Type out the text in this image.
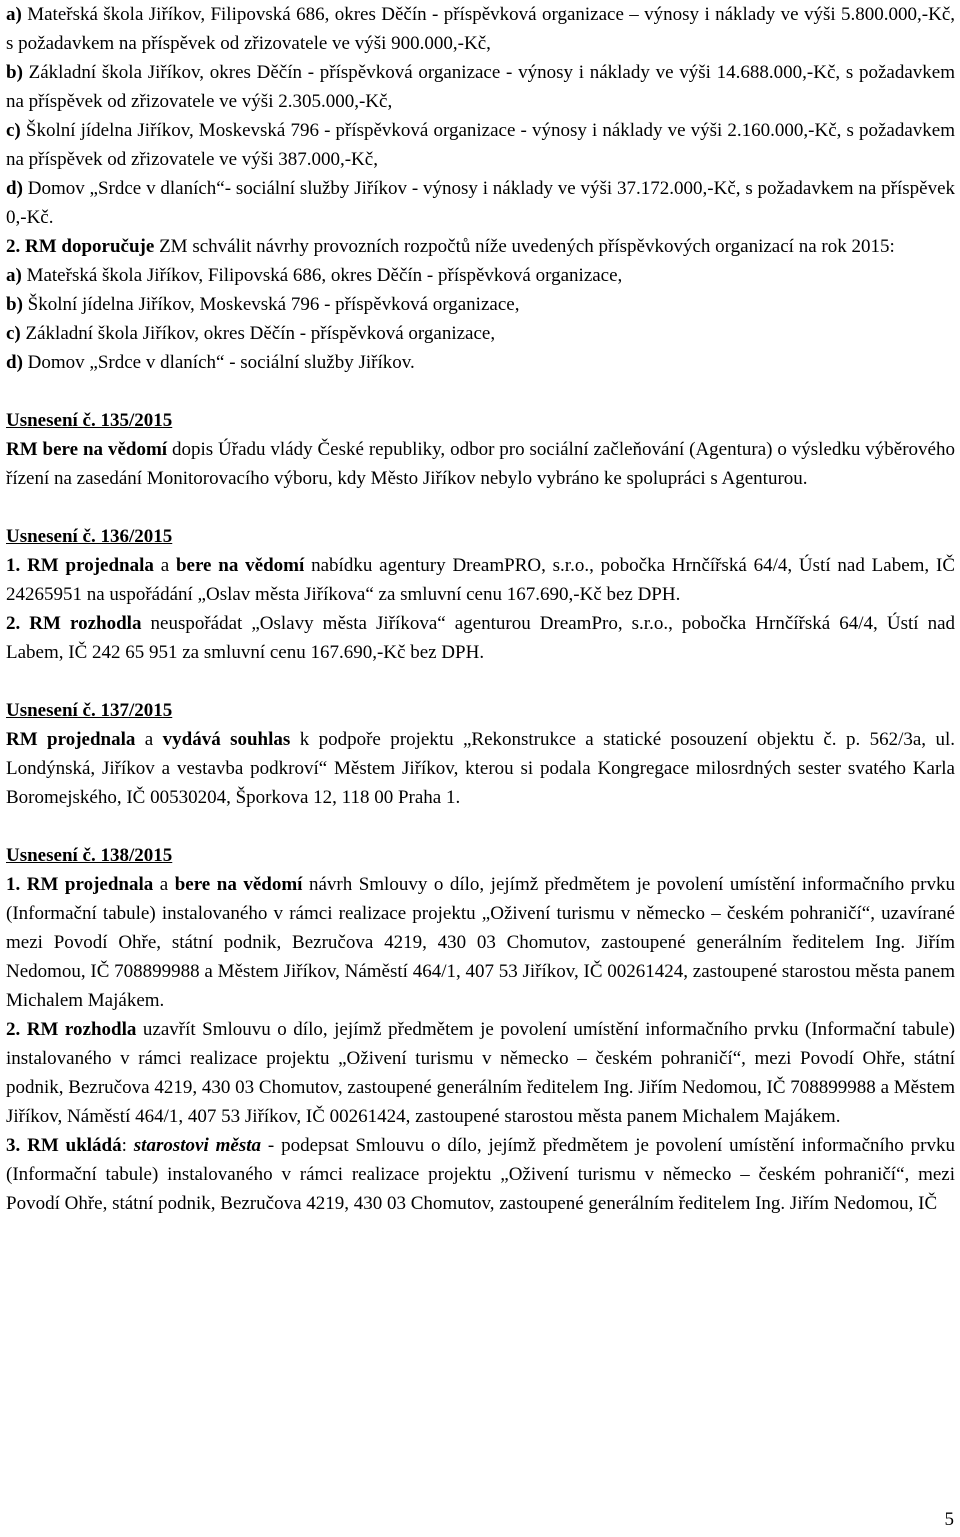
a) Mateřská škola Jiříkov, Filipovská 686, okres Děčín - příspěvková organizace – výnosy i náklady ve výši 5.800.000,-Kč, s požadavkem na příspěvek od zřizovatele ve výši 900.000,-Kč,

b) Základní škola Jiříkov, okres Děčín - příspěvková organizace - výnosy i náklady ve výši 14.688.000,-Kč, s požadavkem na příspěvek od zřizovatele ve výši 2.305.000,-Kč,

c) Školní jídelna Jiříkov, Moskevská 796 - příspěvková organizace - výnosy i náklady ve výši 2.160.000,-Kč, s požadavkem na příspěvek od zřizovatele ve výši 387.000,-Kč,

d) Domov „Srdce v dlaních“- sociální služby Jiříkov - výnosy i náklady ve výši 37.172.000,-Kč, s požadavkem na příspěvek 0,-Kč.

2. RM doporučuje ZM schválit návrhy provozních rozpočtů níže uvedených příspěvkových organizací na rok 2015:

a) Mateřská škola Jiříkov, Filipovská 686, okres Děčín - příspěvková organizace,

b) Školní jídelna Jiříkov, Moskevská 796 - příspěvková organizace,

c) Základní škola Jiříkov, okres Děčín - příspěvková organizace,

d) Domov „Srdce v dlaních“ - sociální služby Jiříkov.

Usnesení č. 135/2015

RM bere na vědomí dopis Úřadu vlády České republiky, odbor pro sociální začleňování (Agentura) o výsledku výběrového řízení na zasedání Monitorovacího výboru, kdy Město Jiříkov nebylo vybráno ke spolupráci s Agenturou.

Usnesení č. 136/2015

1. RM projednala a bere na vědomí nabídku agentury DreamPRO, s.r.o., pobočka Hrnčířská 64/4, Ústí nad Labem, IČ 24265951 na uspořádání „Oslav města Jiříkova“ za smluvní cenu 167.690,-Kč bez DPH.

2. RM rozhodla neuspořádat „Oslavy města Jiříkova“ agenturou DreamPro, s.r.o., pobočka Hrnčířská 64/4, Ústí nad Labem, IČ 242 65 951 za smluvní cenu 167.690,-Kč bez DPH.

Usnesení č. 137/2015

RM projednala a vydává souhlas k podpoře projektu „Rekonstrukce a statické posouzení objektu č. p. 562/3a, ul. Londýnská, Jiříkov a vestavba podkroví“ Městem Jiříkov, kterou si podala Kongregace milosrdných sester svatého Karla Boromejského, IČ 00530204, Šporkova 12, 118 00 Praha 1.

Usnesení č. 138/2015

1. RM projednala a bere na vědomí návrh Smlouvy o dílo, jejímž předmětem je povolení umístění informačního prvku (Informační tabule) instalovaného v rámci realizace projektu „Oživení turismu v německo – českém pohraničí“, uzavírané mezi Povodí Ohře, státní podnik, Bezručova 4219, 430 03 Chomutov, zastoupené generálním ředitelem Ing. Jiřím Nedomou, IČ 708899988 a Městem Jiříkov, Náměstí 464/1, 407 53 Jiříkov, IČ 00261424, zastoupené starostou města panem Michalem Majákem.

2. RM rozhodla uzavřít Smlouvu o dílo, jejímž předmětem je povolení umístění informačního prvku (Informační tabule) instalovaného v rámci realizace projektu „Oživení turismu v německo – českém pohraničí“, mezi Povodí Ohře, státní podnik, Bezručova 4219, 430 03 Chomutov, zastoupené generálním ředitelem Ing. Jiřím Nedomou, IČ 708899988 a Městem Jiříkov, Náměstí 464/1, 407 53 Jiříkov, IČ 00261424, zastoupené starostou města panem Michalem Majákem.

3. RM ukládá: starostovi města - podepsat Smlouvu o dílo, jejímž předmětem je povolení umístění informačního prvku (Informační tabule) instalovaného v rámci realizace projektu „Oživení turismu v německo – českém pohraničí“, mezi Povodí Ohře, státní podnik, Bezručova 4219, 430 03 Chomutov, zastoupené generálním ředitelem Ing. Jiřím Nedomou, IČ

5
